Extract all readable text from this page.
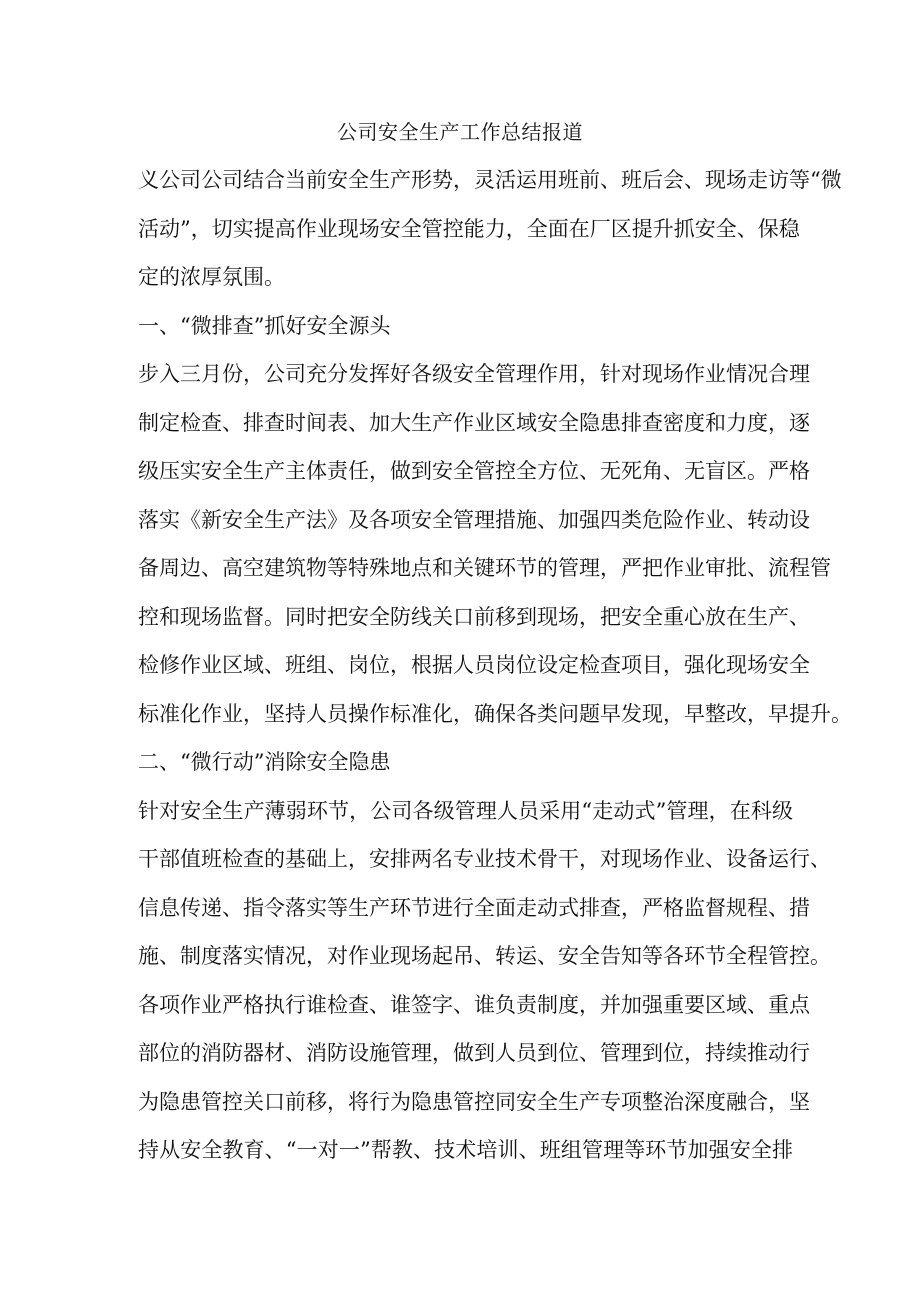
公司安全生产工作总结报道
义公司公司结合当前安全生产形势，灵活运用班前、班后会、现场走访等“微
活动”，切实提高作业现场安全管控能力，全面在厂区提升抓安全、保稳
定的浓厚氛围。
一、“微排查”抓好安全源头
步入三月份，公司充分发挥好各级安全管理作用，针对现场作业情况合理
制定检查、排查时间表、加大生产作业区域安全隐患排查密度和力度，逐
级压实安全生产主体责任，做到安全管控全方位、无死角、无盲区。严格
落实《新安全生产法》及各项安全管理措施、加强四类危险作业、转动设
备周边、高空建筑物等特殊地点和关键环节的管理，严把作业审批、流程管
控和现场监督。同时把安全防线关口前移到现场，把安全重心放在生产、
检修作业区域、班组、岗位，根据人员岗位设定检查项目，强化现场安全
标准化作业，坚持人员操作标准化，确保各类问题早发现，早整改，早提升。
二、“微行动”消除安全隐患
针对安全生产薄弱环节，公司各级管理人员采用“走动式”管理，在科级
干部值班检查的基础上，安排两名专业技术骨干，对现场作业、设备运行、
信息传递、指令落实等生产环节进行全面走动式排查，严格监督规程、措
施、制度落实情况，对作业现场起吊、转运、安全告知等各环节全程管控。
各项作业严格执行谁检查、谁签字、谁负责制度，并加强重要区域、重点
部位的消防器材、消防设施管理，做到人员到位、管理到位，持续推动行
为隐患管控关口前移，将行为隐患管控同安全生产专项整治深度融合，坚
持从安全教育、“一对一”帮教、技术培训、班组管理等环节加强安全排
